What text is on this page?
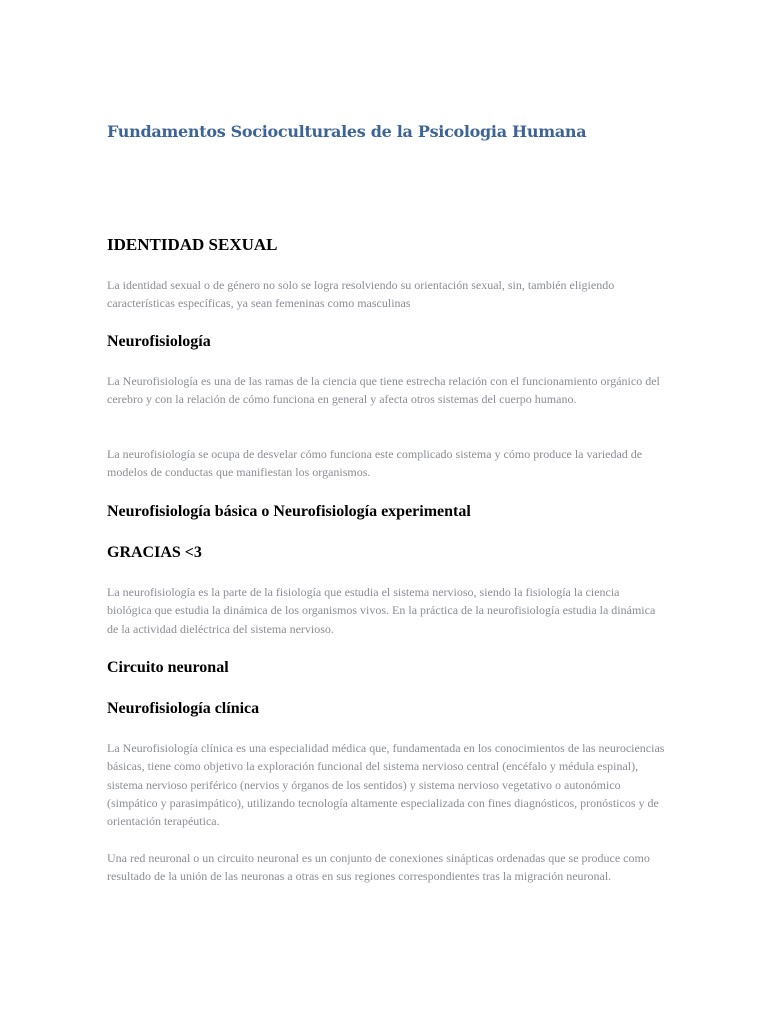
Fundamentos Socioculturales de la Psicologia Humana
IDENTIDAD SEXUAL

La identidad sexual o de género no solo se logra resolviendo su orientación sexual, sin, también eligiendo características específicas, ya sean femeninas como masculinas

Neurofisiología

La Neurofisiología es una de las ramas de la ciencia que tiene estrecha relación con el funcionamiento orgánico del cerebro y con la relación de cómo funciona en general y afecta otros sistemas del cuerpo humano.

La neurofisiología se ocupa de desvelar cómo funciona este complicado sistema y cómo produce la variedad de modelos de conductas que manifiestan los organismos.

Neurofisiología básica o Neurofisiología experimental
GRACIAS <3

La neurofisiología es la parte de la fisiología que estudia el sistema nervioso, siendo la fisiología la ciencia biológica que estudia la dinámica de los organismos vivos. En la práctica de la neurofisiología estudia la dinámica de la actividad dieléctrica del sistema nervioso.

Circuito neuronal
Neurofisiología clínica

La Neurofisiología clínica es una especialidad médica que, fundamentada en los conocimientos de las neurociencias básicas, tiene como objetivo la exploración funcional del sistema nervioso central (encéfalo y médula espinal), sistema nervioso periférico (nervios y órganos de los sentidos) y sistema nervioso vegetativo o autonómico (simpático y parasimpático), utilizando tecnología altamente especializada con fines diagnósticos, pronósticos y de orientación terapéutica.

Una red neuronal o un circuito neuronal es un conjunto de conexiones sinápticas ordenadas que se produce como resultado de la unión de las neuronas a otras en sus regiones correspondientes tras la migración neuronal.
